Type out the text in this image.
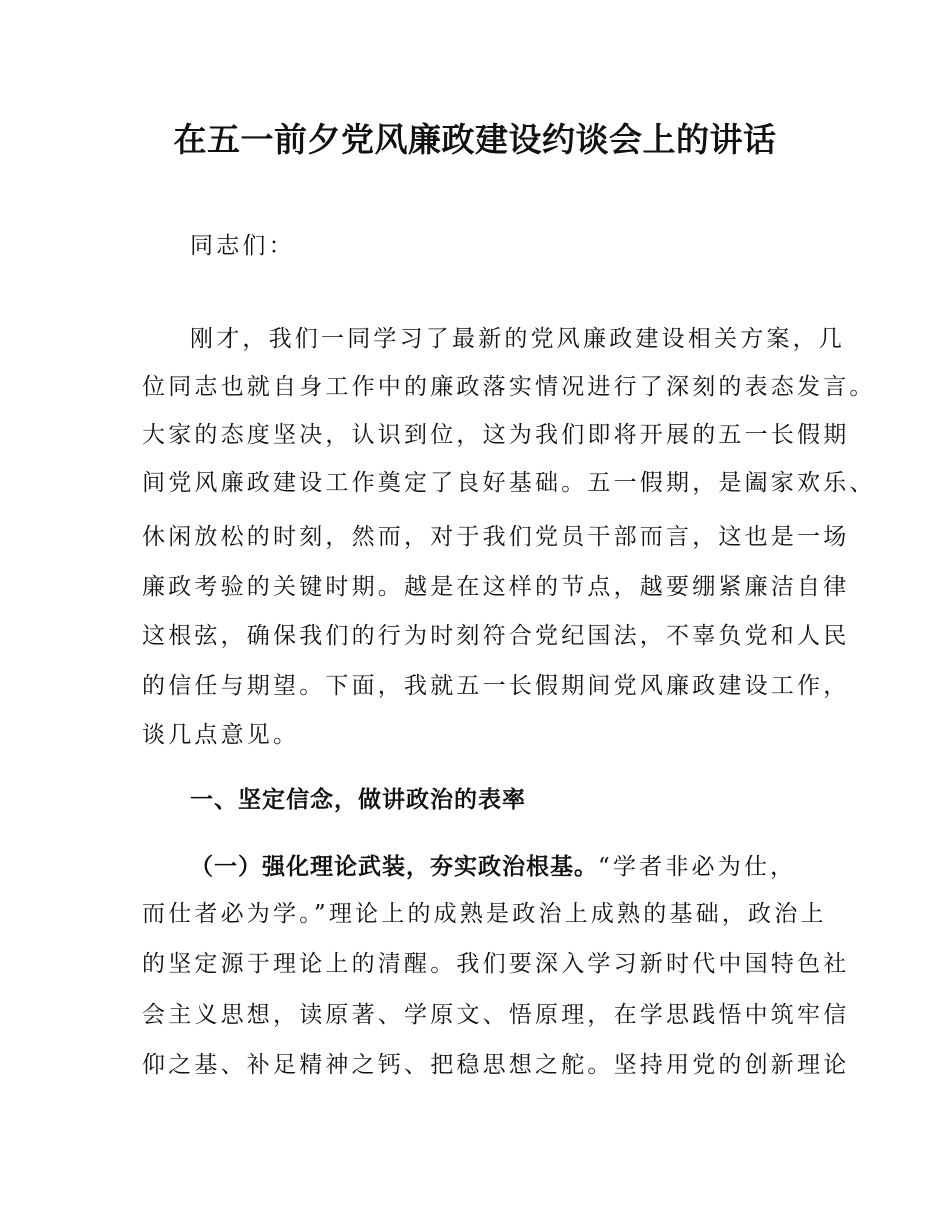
在五一前夕党风廉政建设约谈会上的讲话

同志们：

刚才，我们一同学习了最新的党风廉政建设相关方案，几

位同志也就自身工作中的廉政落实情况进行了深刻的表态发言。

大家的态度坚决，认识到位，这为我们即将开展的五一长假期

间党风廉政建设工作奠定了良好基础。五一假期，是阖家欢乐、

休闲放松的时刻，然而，对于我们党员干部而言，这也是一场

廉政考验的关键时期。越是在这样的节点，越要绷紧廉洁自律

这根弦，确保我们的行为时刻符合党纪国法，不辜负党和人民

的信任与期望。下面，我就五一长假期间党风廉政建设工作，

谈几点意见。

一、坚定信念，做讲政治的表率

（一）强化理论武装，夯实政治根基。“学者非必为仕，

而仕者必为学。”理论上的成熟是政治上成熟的基础，政治上

的坚定源于理论上的清醒。我们要深入学习新时代中国特色社

会主义思想，读原著、学原文、悟原理，在学思践悟中筑牢信

仰之基、补足精神之钙、把稳思想之舵。坚持用党的创新理论
